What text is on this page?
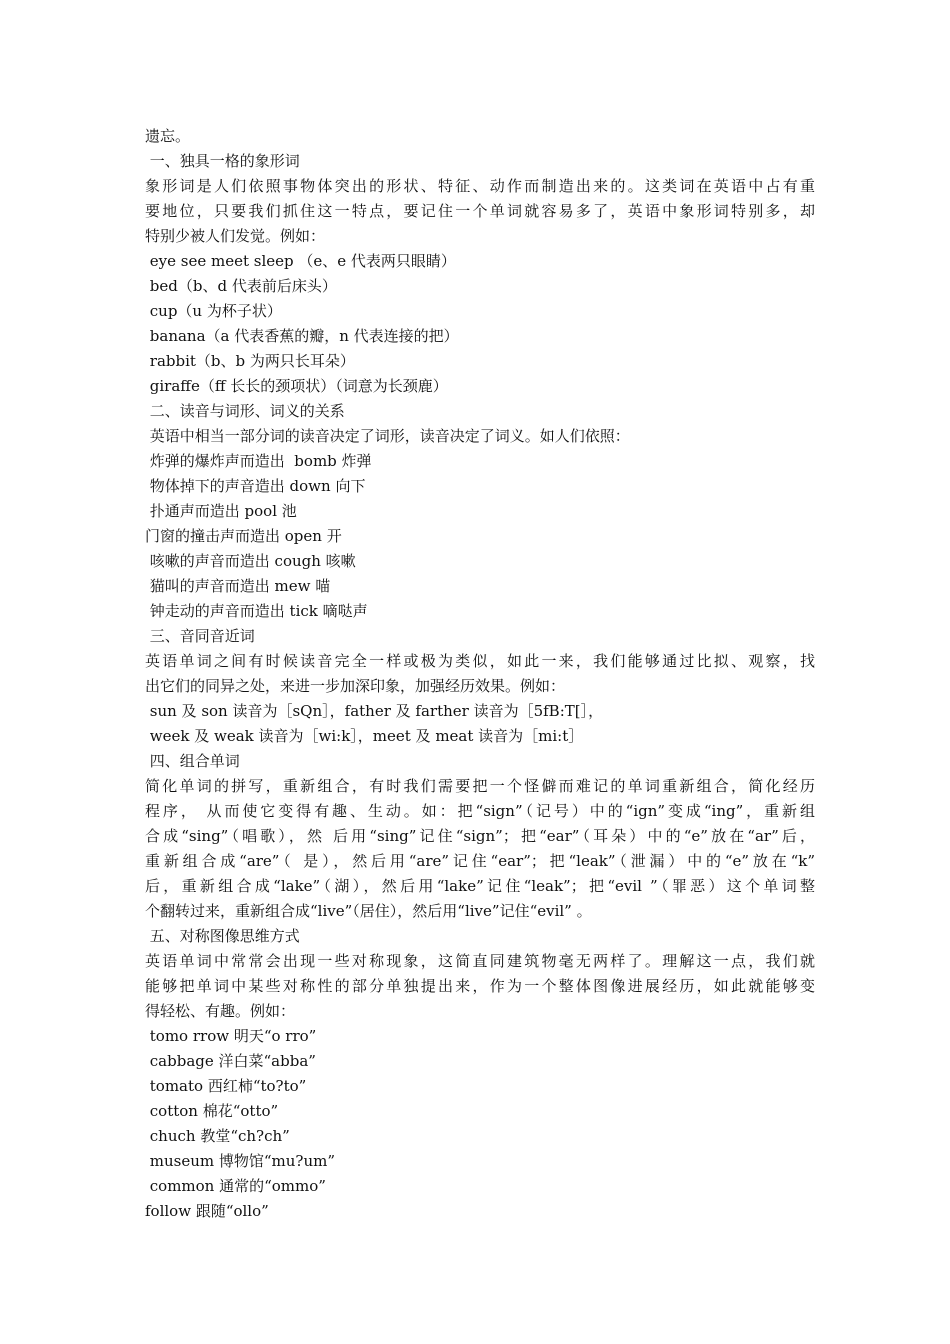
遗忘。
一、独具一格的象形词
象形词是人们依照事物体突出的形状、特征、动作而制造出来的。这类词在英语中占有重
要地位，只要我们抓住这一特点，要记住一个单词就容易多了，英语中象形词特别多，却
特别少被人们发觉。例如：
eye see meet sleep （e、e 代表两只眼睛）
bed（b、d 代表前后床头）
cup（u 为杯子状）
banana（a 代表香蕉的瓣，n 代表连接的把）
rabbit（b、b 为两只长耳朵）
giraffe（ff 长长的颈项状）（词意为长颈鹿）
二、读音与词形、词义的关系
英语中相当一部分词的读音决定了词形，读音决定了词义。如人们依照：
炸弹的爆炸声而造出  bomb 炸弹
物体掉下的声音造出 down 向下
扑通声而造出 pool 池
门窗的撞击声而造出 open 开
咳嗽的声音而造出 cough 咳嗽
猫叫的声音而造出 mew 喵
钟走动的声音而造出 tick 嘀哒声
三、音同音近词
英语单词之间有时候读音完全一样或极为类似，如此一来，我们能够通过比拟、观察，找
出它们的同异之处，来进一步加深印象，加强经历效果。例如：
sun 及 son 读音为［sQn］，father 及 farther 读音为［5fB:T[］，
week 及 weak 读音为［wi:k］，meet 及 meat 读音为［mi:t］
四、组合单词
简化单词的拼写，重新组合，有时我们需要把一个怪僻而难记的单词重新组合，简化经历
程序， 从而使它变得有趣、生动。如：把“sign”（记号）中的“ign”变成“ing”，重新组
合成“sing”（唱歌），然 后用“sing”记住“sign”；把“ear”（耳朵）中的“e”放在“ar”后，
重新组合成“are”（ 是），然后用“are”记住“ear”；把“leak”（泄漏）中的“e”放在“k”
后，重新组合成“lake”（湖），然后用“lake”记住“leak”；把“evil ”（罪恶）这个单词整
个翻转过来，重新组合成“live”（居住），然后用“live”记住“evil” 。
五、对称图像思维方式
英语单词中常常会出现一些对称现象，这简直同建筑物毫无两样了。理解这一点，我们就
能够把单词中某些对称性的部分单独提出来，作为一个整体图像进展经历，如此就能够变
得轻松、有趣。例如：
tomo rrow 明天“o rro”
cabbage 洋白菜“abba”
tomato 西红柿“to?to”
cotton 棉花“otto”
chuch 教堂“ch?ch”
museum 博物馆“mu?um”
common 通常的“ommo”
follow 跟随“ollo”
